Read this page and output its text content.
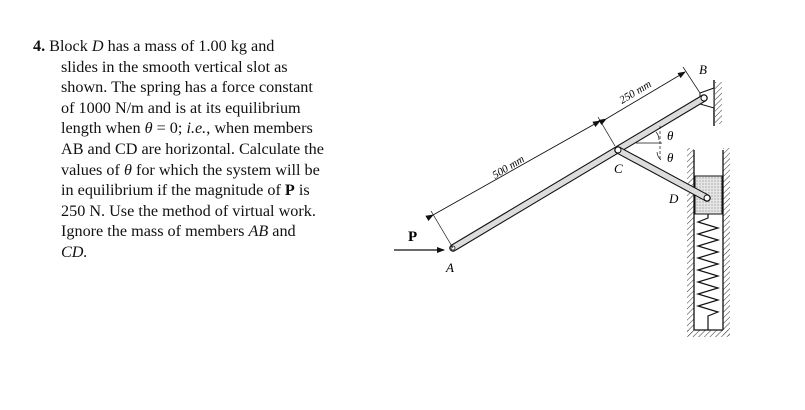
4. Block D has a mass of 1.00 kg and
slides in the smooth vertical slot as
shown. The spring has a force constant
of 1000 N/m and is at its equilibrium
length when θ = 0; i.e., when members
AB and CD are horizontal. Calculate the
values of θ for which the system will be
in equilibrium if the magnitude of P is
250 N. Use the method of virtual work.
Ignore the mass of members AB and
CD.
P
500 mm
250 mm
θ
θ
A
B
C
D
